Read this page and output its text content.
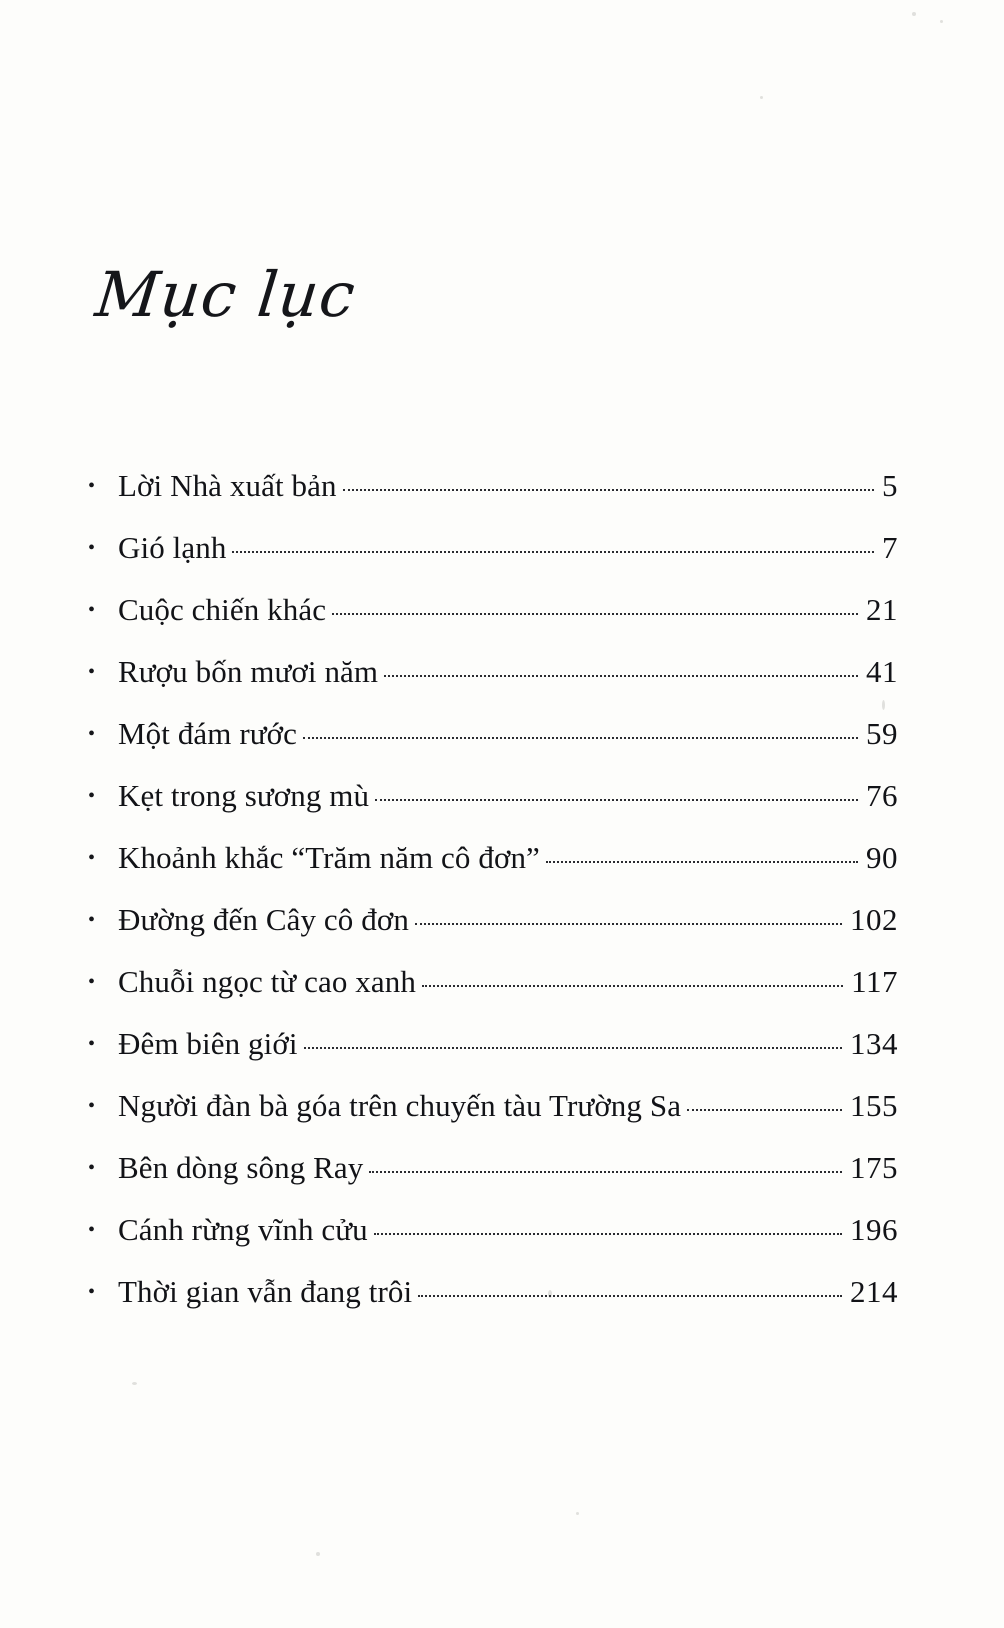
Mục lục
• Lời Nhà xuất bản	5
• Gió lạnh	7
• Cuộc chiến khác	21
• Rượu bốn mươi năm	41
• Một đám rước	59
• Kẹt trong sương mù	76
• Khoảnh khắc “Trăm năm cô đơn”	90
• Đường đến Cây cô đơn	102
• Chuỗi ngọc từ cao xanh	117
• Đêm biên giới	134
• Người đàn bà góa trên chuyến tàu Trường Sa	155
• Bên dòng sông Ray	175
• Cánh rừng vĩnh cửu	196
• Thời gian vẫn đang trôi	214
